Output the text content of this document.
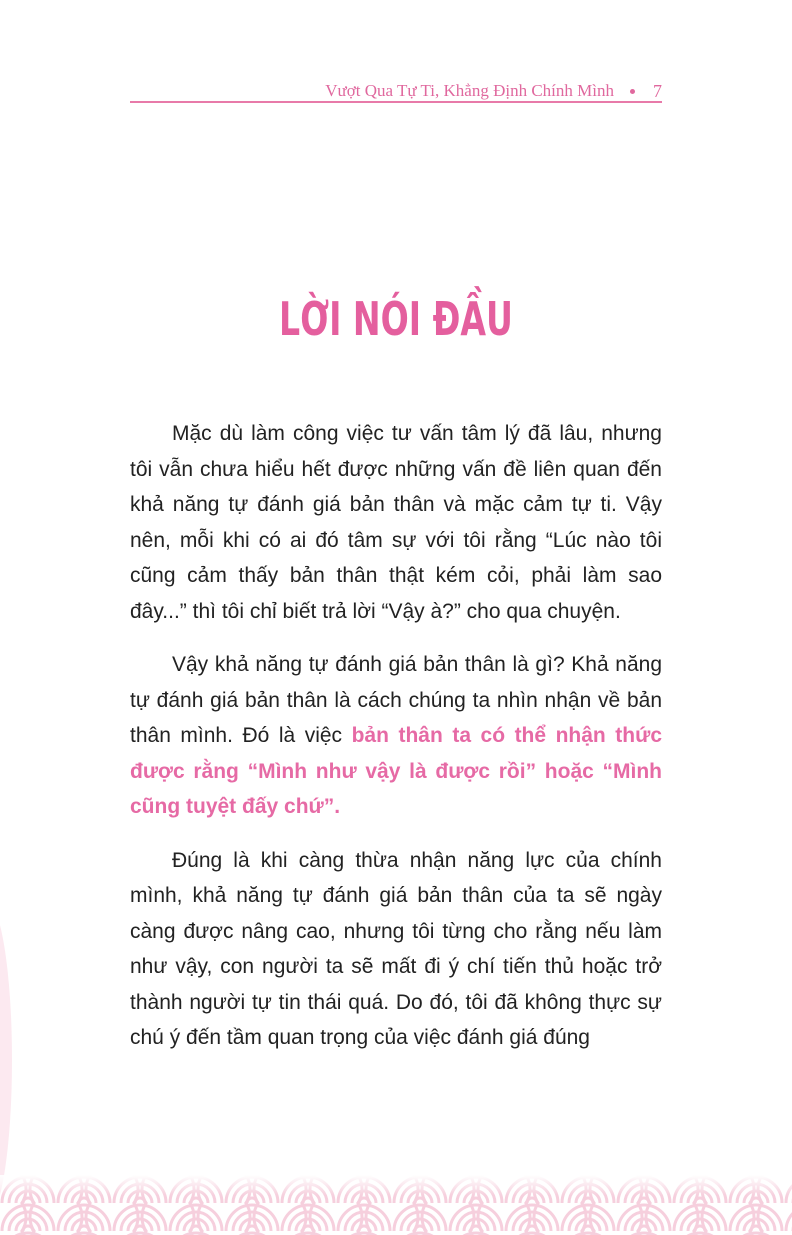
Vượt Qua Tự Ti, Khẳng Định Chính Mình 7
LỜI NÓI ĐẦU

Mặc dù làm công việc tư vấn tâm lý đã lâu, nhưng tôi vẫn chưa hiểu hết được những vấn đề liên quan đến khả năng tự đánh giá bản thân và mặc cảm tự ti. Vậy nên, mỗi khi có ai đó tâm sự với tôi rằng “Lúc nào tôi cũng cảm thấy bản thân thật kém cỏi, phải làm sao đây...” thì tôi chỉ biết trả lời “Vậy à?” cho qua chuyện.

Vậy khả năng tự đánh giá bản thân là gì? Khả năng tự đánh giá bản thân là cách chúng ta nhìn nhận về bản thân mình. Đó là việc bản thân ta có thể nhận thức được rằng “Mình như vậy là được rồi” hoặc “Mình cũng tuyệt đấy chứ”.

Đúng là khi càng thừa nhận năng lực của chính mình, khả năng tự đánh giá bản thân của ta sẽ ngày càng được nâng cao, nhưng tôi từng cho rằng nếu làm như vậy, con người ta sẽ mất đi ý chí tiến thủ hoặc trở thành người tự tin thái quá. Do đó, tôi đã không thực sự chú ý đến tầm quan trọng của việc đánh giá đúng
